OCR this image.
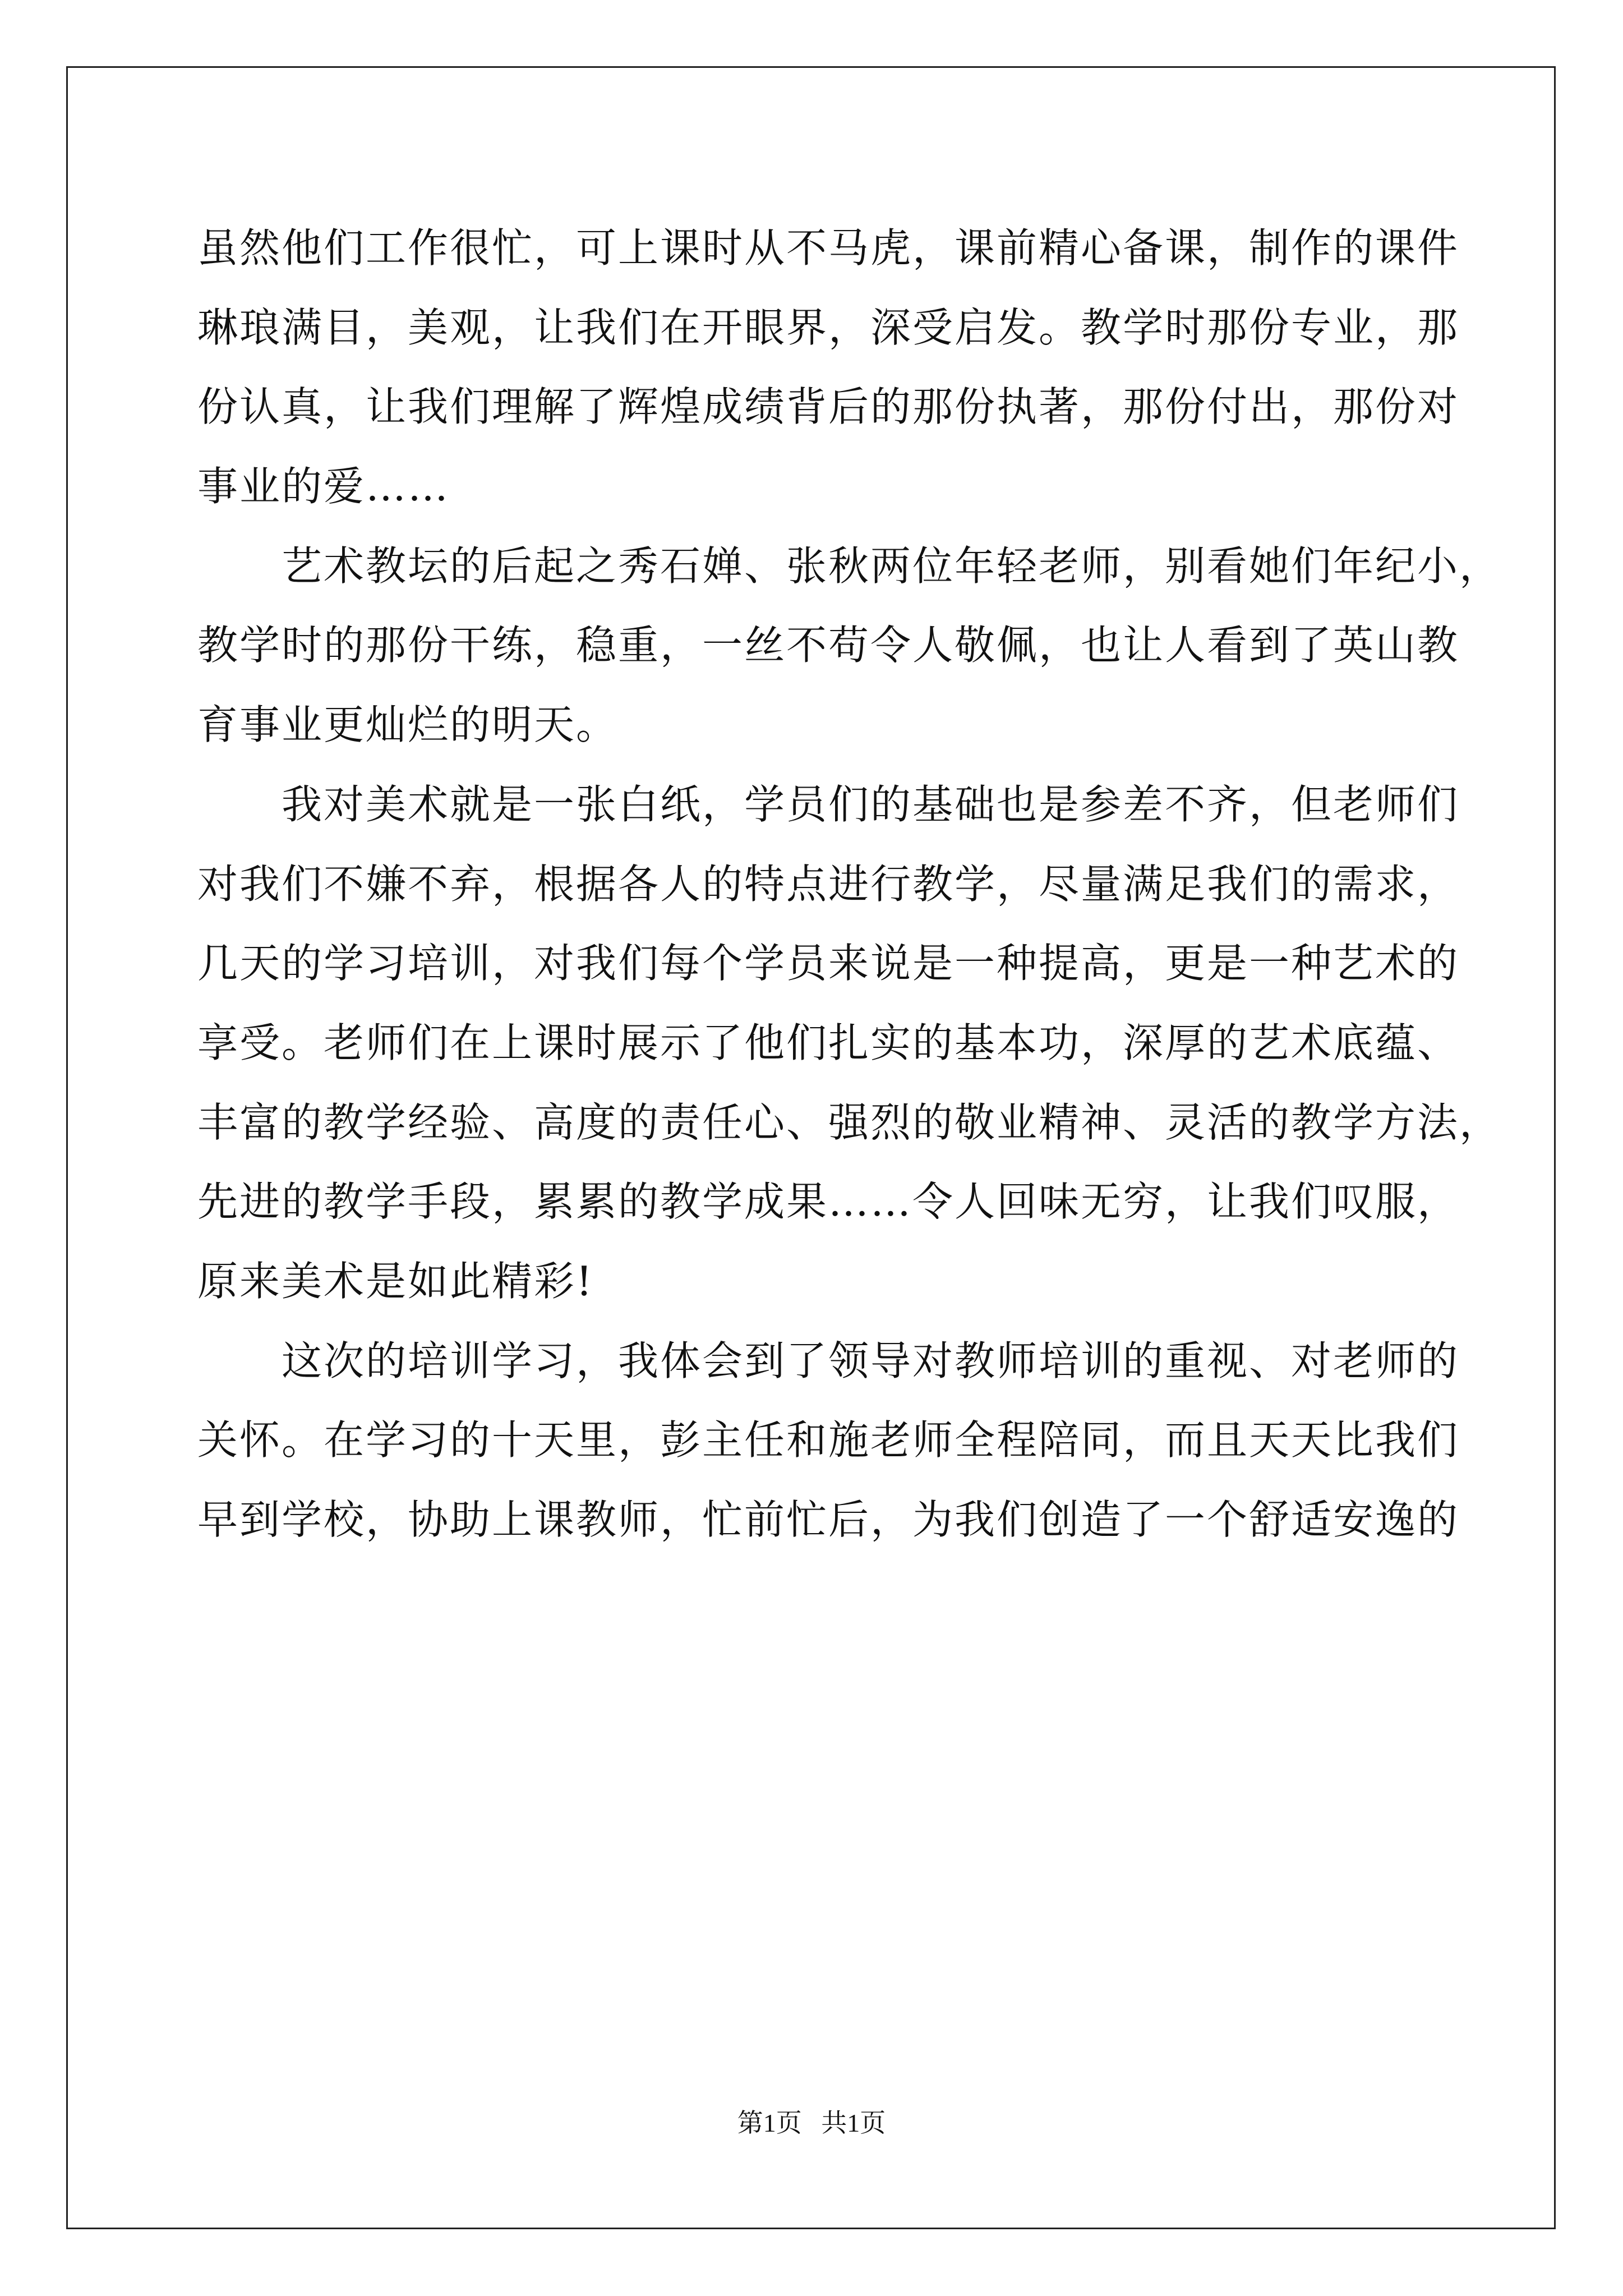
虽然他们工作很忙，可上课时从不马虎，课前精心备课，制作的课件
琳琅满目，美观，让我们在开眼界，深受启发。教学时那份专业，那
份认真，让我们理解了辉煌成绩背后的那份执著，那份付出，那份对
事业的爱……
　　艺术教坛的后起之秀石婵、张秋两位年轻老师，别看她们年纪小，
教学时的那份干练，稳重，一丝不苟令人敬佩，也让人看到了英山教
育事业更灿烂的明天。
　　我对美术就是一张白纸，学员们的基础也是参差不齐，但老师们
对我们不嫌不弃，根据各人的特点进行教学，尽量满足我们的需求，
几天的学习培训，对我们每个学员来说是一种提高，更是一种艺术的
享受。老师们在上课时展示了他们扎实的基本功，深厚的艺术底蕴、
丰富的教学经验、高度的责任心、强烈的敬业精神、灵活的教学方法，
先进的教学手段，累累的教学成果……令人回味无穷，让我们叹服，
原来美术是如此精彩!
　　这次的培训学习，我体会到了领导对教师培训的重视、对老师的
关怀。在学习的十天里，彭主任和施老师全程陪同，而且天天比我们
早到学校，协助上课教师，忙前忙后，为我们创造了一个舒适安逸的
第1页   共1页
